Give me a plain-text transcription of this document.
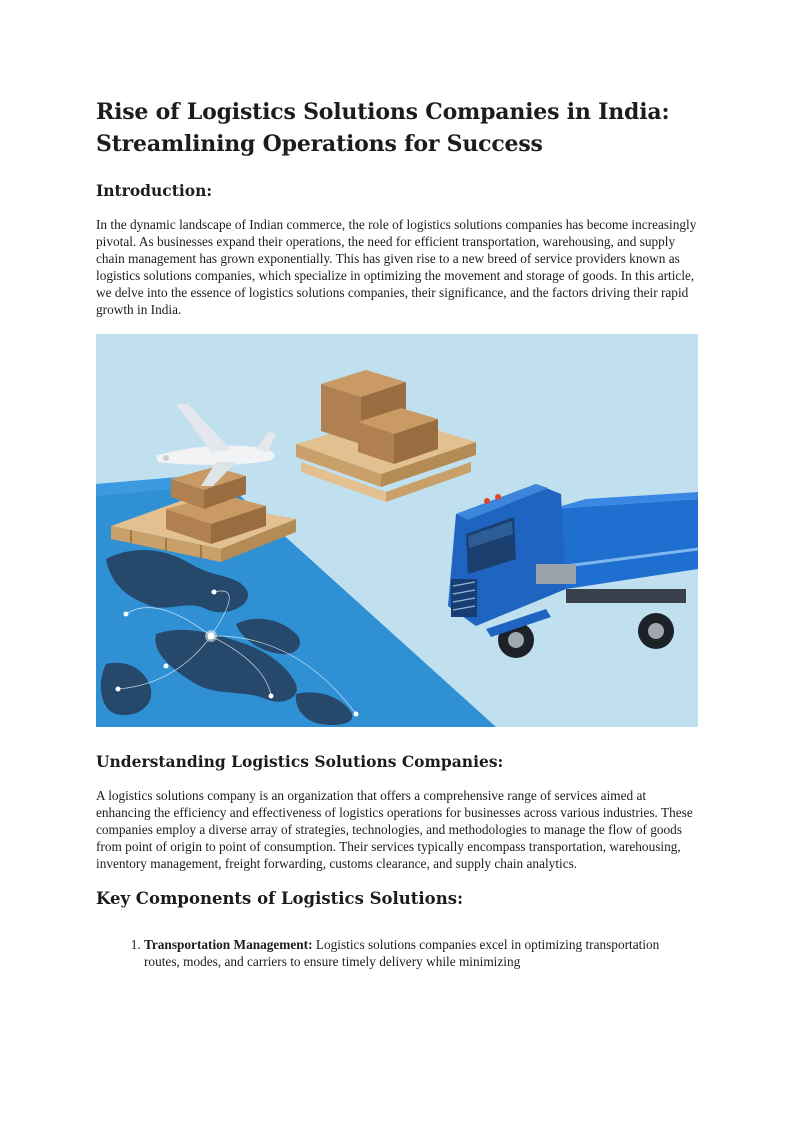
Rise of Logistics Solutions Companies in India: Streamlining Operations for Success
Introduction:

In the dynamic landscape of Indian commerce, the role of logistics solutions companies has become increasingly pivotal. As businesses expand their operations, the need for efficient transportation, warehousing, and supply chain management has grown exponentially. This has given rise to a new breed of service providers known as logistics solutions companies, which specialize in optimizing the movement and storage of goods. In this article, we delve into the essence of logistics solutions companies, their significance, and the factors driving their rapid growth in India.

Understanding Logistics Solutions Companies:

A logistics solutions company is an organization that offers a comprehensive range of services aimed at enhancing the efficiency and effectiveness of logistics operations for businesses across various industries. These companies employ a diverse array of strategies, technologies, and methodologies to manage the flow of goods from point of origin to point of consumption. Their services typically encompass transportation, warehousing, inventory management, freight forwarding, customs clearance, and supply chain analytics.

Key Components of Logistics Solutions:
1. Transportation Management: Logistics solutions companies excel in optimizing transportation routes, modes, and carriers to ensure timely delivery while minimizing
